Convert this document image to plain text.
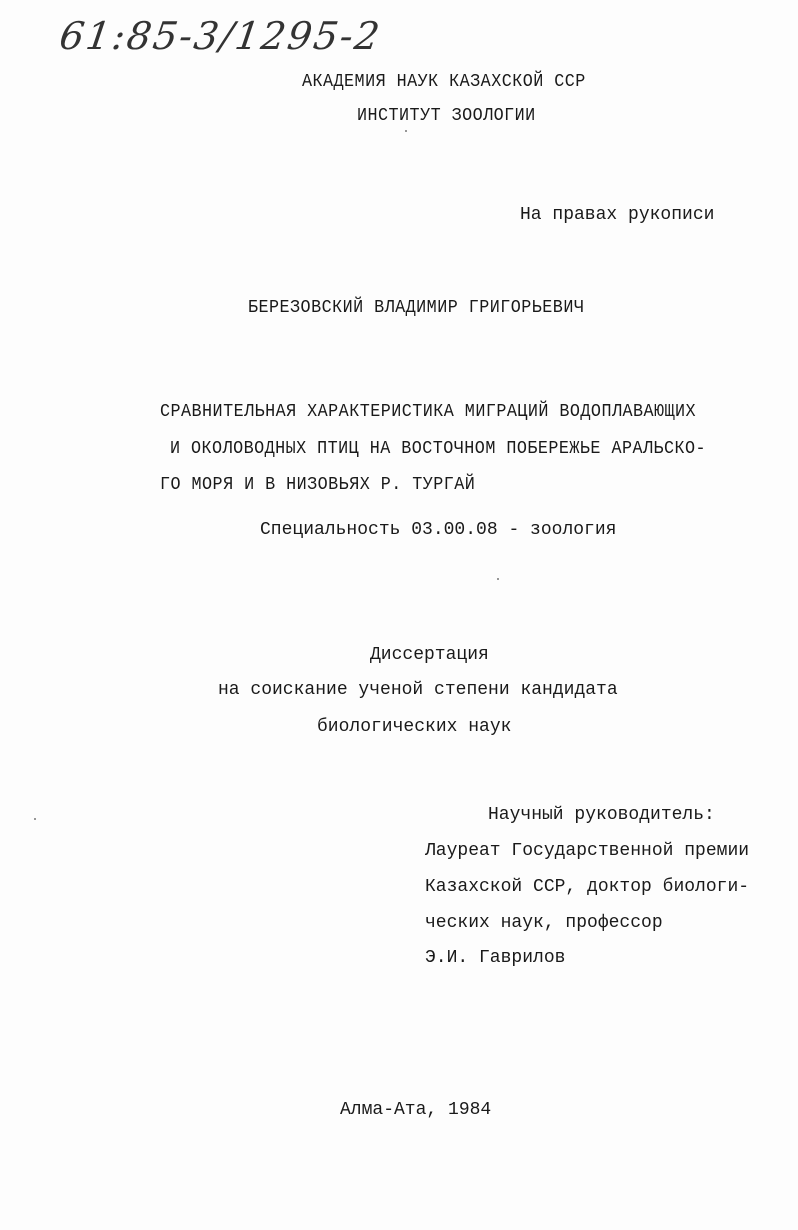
61:85-3/1295-2
АКАДЕМИЯ НАУК КАЗАХСКОЙ ССР
ИНСТИТУТ ЗООЛОГИИ
На правах рукописи
БЕРЕЗОВСКИЙ ВЛАДИМИР ГРИГОРЬЕВИЧ
СРАВНИТЕЛЬНАЯ ХАРАКТЕРИСТИКА МИГРАЦИЙ ВОДОПЛАВАЮЩИХ
И ОКОЛОВОДНЫХ ПТИЦ НА ВОСТОЧНОМ ПОБЕРЕЖЬЕ АРАЛЬСКО-
ГО МОРЯ И В НИЗОВЬЯХ Р. ТУРГАЙ
Специальность 03.00.08 - зоология
Диссертация
на соискание ученой степени кандидата
биологических наук
Научный руководитель:
Лауреат Государственной премии
Казахской ССР, доктор биологи-
ческих наук, профессор
Э.И. Гаврилов
Алма-Ата, 1984
